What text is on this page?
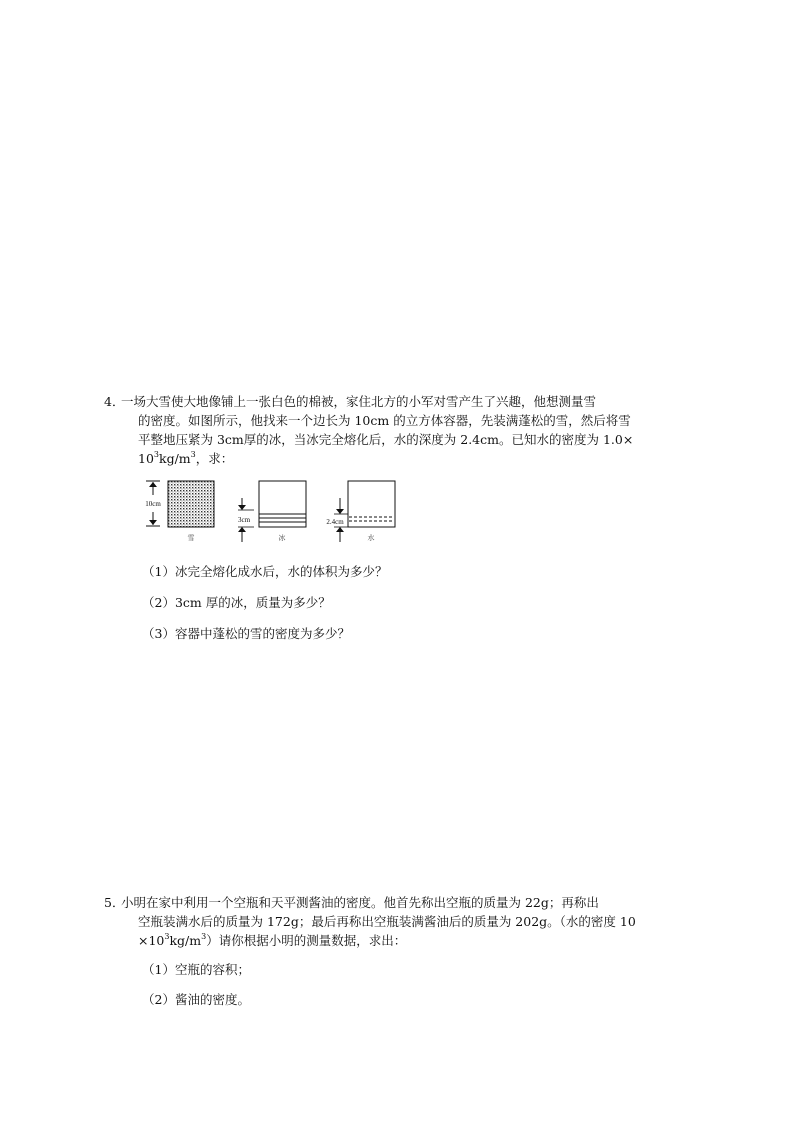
4．一场大雪使大地像铺上一张白色的棉被，家住北方的小军对雪产生了兴趣，他想测量雪

的密度。如图所示，他找来一个边长为 10cm 的立方体容器，先装满蓬松的雪，然后将雪

平整地压紧为 3cm厚的冰，当冰完全熔化后，水的深度为 2.4cm。已知水的密度为 1.0×

$10^3kg/m^3$，求：

10cm
雪
3cm
冰
2.4cm
水
（1）冰完全熔化成水后，水的体积为多少？
（2）3cm 厚的冰，质量为多少？
（3）容器中蓬松的雪的密度为多少？

5．小明在家中利用一个空瓶和天平测酱油的密度。他首先称出空瓶的质量为 22g；再称出

空瓶装满水后的质量为 172g；最后再称出空瓶装满酱油后的质量为 202g。（水的密度 10

$\times 10^3kg/m^3$）请你根据小明的测量数据，求出：

（1）空瓶的容积；
（2）酱油的密度。
